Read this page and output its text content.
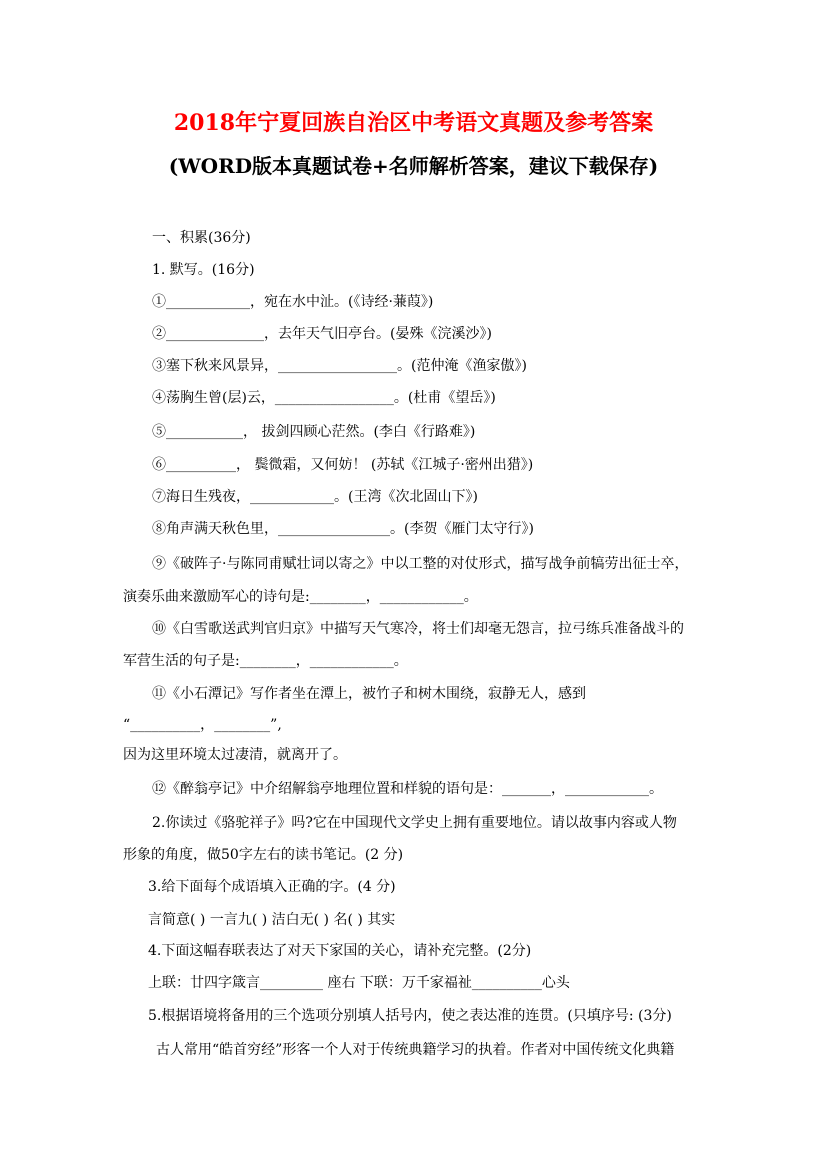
2018年宁夏回族自治区中考语文真题及参考答案
(WORD版本真题试卷+名师解析答案，建议下载保存)
一、积累(36分)
1. 默写。(16分)
①____________，宛在水中沚。(《诗经·蒹葭》)
②______________，去年天气旧亭台。(晏殊《浣溪沙》)
③塞下秋来风景异，_________________。(范仲淹《渔家傲》)
④荡胸生曾(层)云，_________________。(杜甫《望岳》)
⑤___________， 拔剑四顾心茫然。(李白《行路难》)
⑥__________， 鬓微霜，又何妨！ (苏轼《江城子·密州出猎》)
⑦海日生残夜，____________。(王湾《次北固山下》)
⑧角声满天秋色里，________________。(李贺《雁门太守行》)
⑨《破阵子·与陈同甫赋壮词以寄之》中以工整的对仗形式，描写战争前犒劳出征士卒，
演奏乐曲来激励军心的诗句是:________，____________。
⑩《白雪歌送武判官归京》中描写天气寒冷，将士们却毫无怨言，拉弓练兵准备战斗的
军营生活的句子是:________，____________。
⑪《小石潭记》写作者坐在潭上，被竹子和树木围绕，寂静无人，感到
“__________，________”,
因为这里环境太过凄清，就离开了。
⑫《醉翁亭记》中介绍解翁亭地理位置和样貌的语句是：_______，____________。
2.你读过《骆驼祥子》吗?它在中国现代文学史上拥有重要地位。请以故事内容或人物
形象的角度，做50字左右的读书笔记。(2 分)
3.给下面每个成语填入正确的字。(4 分)
言简意( ) 一言九( ) 洁白无( ) 名( ) 其实
4.下面这幅春联表达了对天下家国的关心，请补充完整。(2分)
上联：廿四字箴言_________ 座右 下联：万千家福祉__________心头
5.根据语境将备用的三个选项分别填人括号内，使之表达准的连贯。(只填序号: (3分)
古人常用“皓首穷经”形客一个人对于传统典籍学习的执着。作者对中国传统文化典籍
